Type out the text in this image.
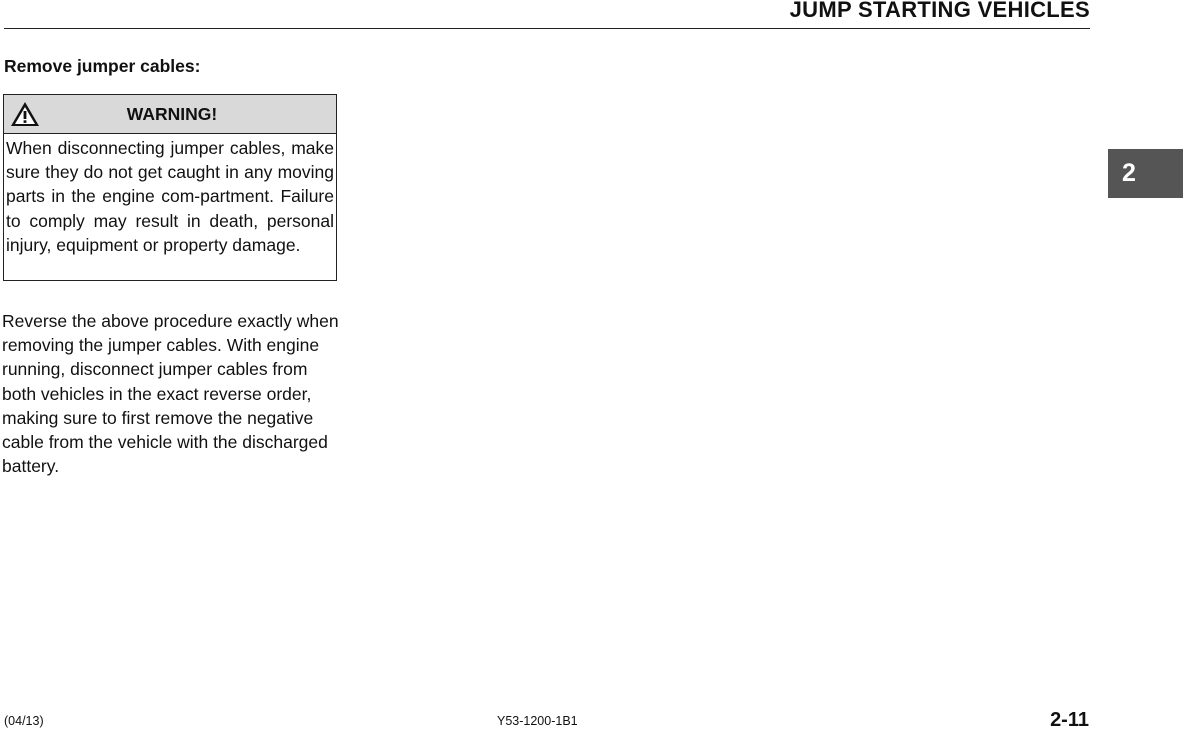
JUMP STARTING VEHICLES
Remove jumper cables:
WARNING!

When disconnecting jumper cables, make sure they do not get caught in any moving parts in the engine com-partment. Failure to comply may result in death, personal injury, equipment or property damage.

Reverse the above procedure exactly when removing the jumper cables. With engine running, disconnect jumper cables from both vehicles in the exact reverse order, making sure to first remove the negative cable from the vehicle with the discharged battery.

2
(04/13)	Y53-1200-1B1	2-11
